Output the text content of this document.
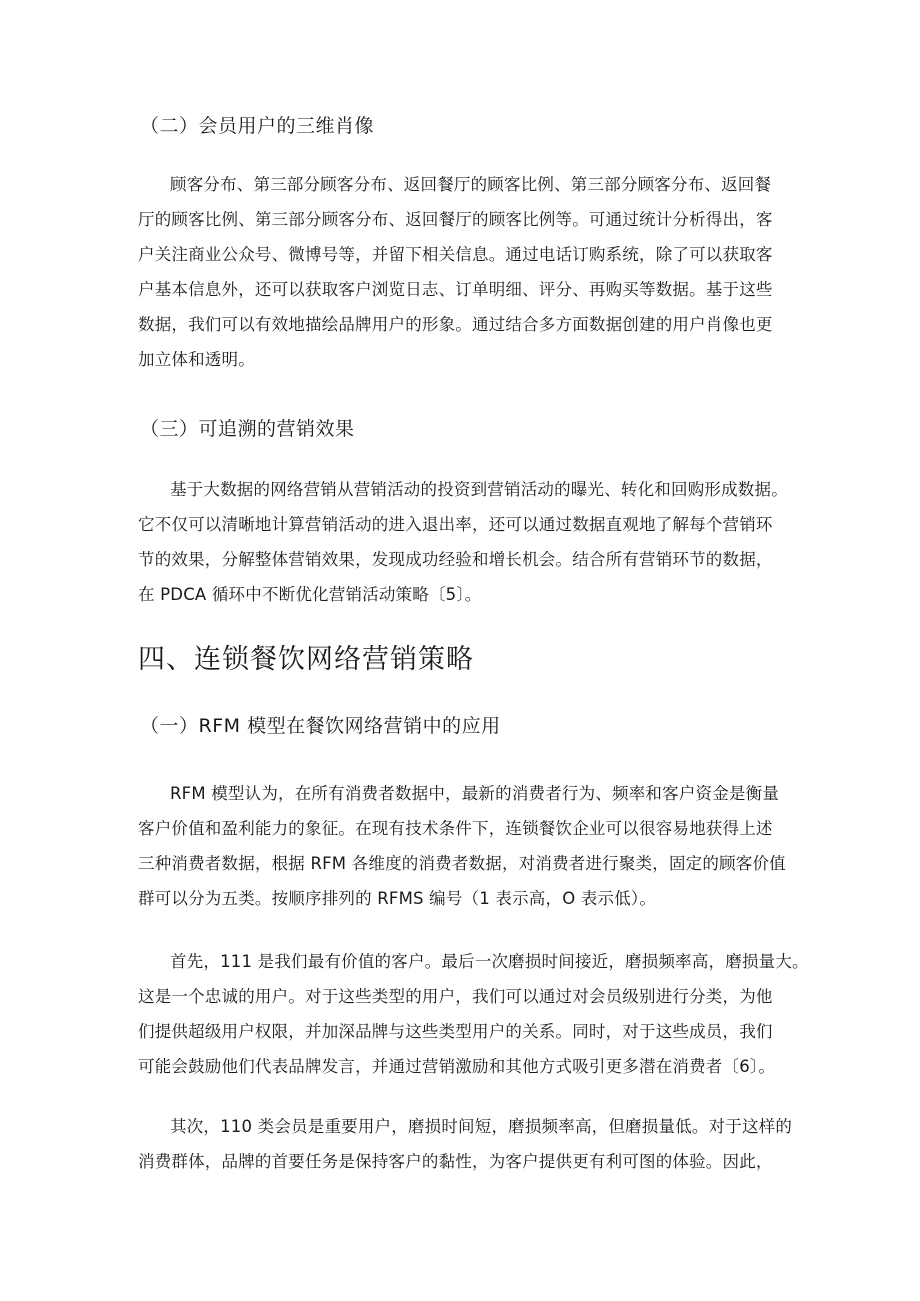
（二）会员用户的三维肖像
顾客分布、第三部分顾客分布、返回餐厅的顾客比例、第三部分顾客分布、返回餐
厅的顾客比例、第三部分顾客分布、返回餐厅的顾客比例等。可通过统计分析得出，客
户关注商业公众号、微博号等，并留下相关信息。通过电话订购系统，除了可以获取客
户基本信息外，还可以获取客户浏览日志、订单明细、评分、再购买等数据。基于这些
数据，我们可以有效地描绘品牌用户的形象。通过结合多方面数据创建的用户肖像也更
加立体和透明。
（三）可追溯的营销效果
基于大数据的网络营销从营销活动的投资到营销活动的曝光、转化和回购形成数据。
它不仅可以清晰地计算营销活动的进入退出率，还可以通过数据直观地了解每个营销环
节的效果，分解整体营销效果，发现成功经验和增长机会。结合所有营销环节的数据，
在 PDCA 循环中不断优化营销活动策略〔5〕。
四、连锁餐饮网络营销策略
（一）RFM 模型在餐饮网络营销中的应用
RFM 模型认为，在所有消费者数据中，最新的消费者行为、频率和客户资金是衡量
客户价值和盈利能力的象征。在现有技术条件下，连锁餐饮企业可以很容易地获得上述
三种消费者数据，根据 RFM 各维度的消费者数据，对消费者进行聚类，固定的顾客价值
群可以分为五类。按顺序排列的 RFMS 编号（1 表示高，O 表示低）。
首先，111 是我们最有价值的客户。最后一次磨损时间接近，磨损频率高，磨损量大。
这是一个忠诚的用户。对于这些类型的用户，我们可以通过对会员级别进行分类，为他
们提供超级用户权限，并加深品牌与这些类型用户的关系。同时，对于这些成员，我们
可能会鼓励他们代表品牌发言，并通过营销激励和其他方式吸引更多潜在消费者〔6〕。
其次，110 类会员是重要用户，磨损时间短，磨损频率高，但磨损量低。对于这样的
消费群体，品牌的首要任务是保持客户的黏性，为客户提供更有利可图的体验。因此，
